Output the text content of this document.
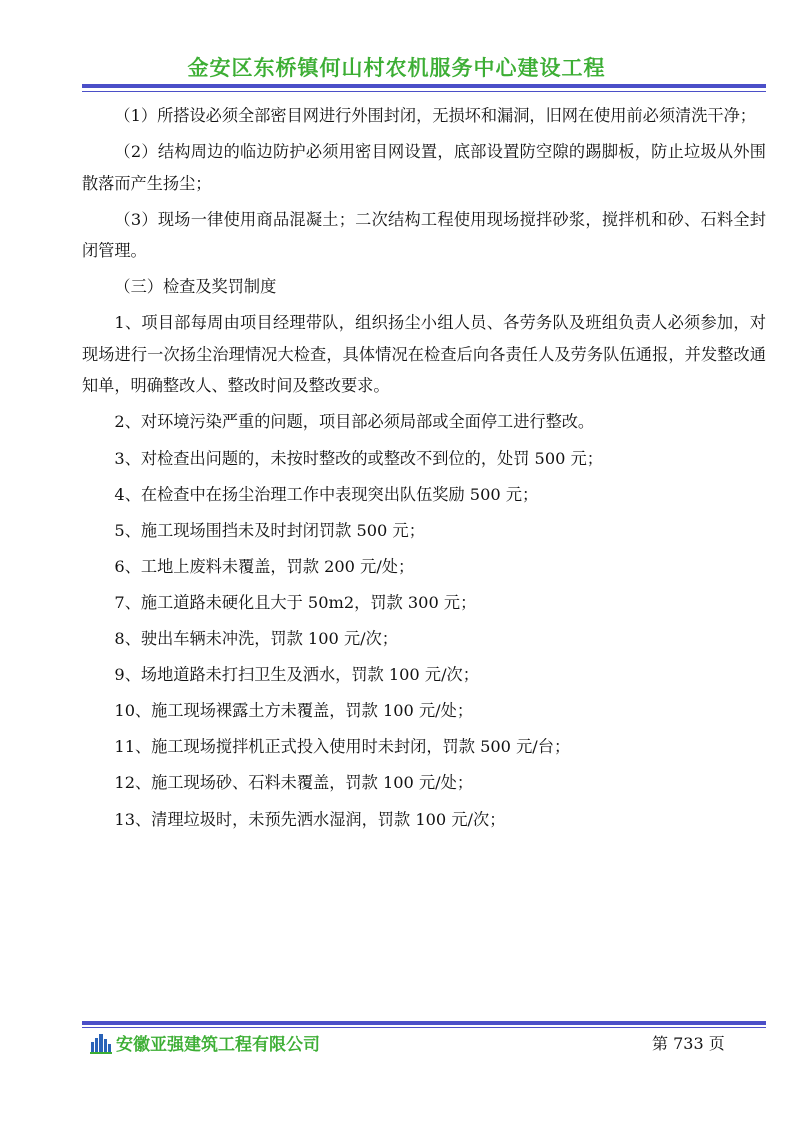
金安区东桥镇何山村农机服务中心建设工程

（1）所搭设必须全部密目网进行外围封闭，无损坏和漏洞，旧网在使用前必须清洗干净；

（2）结构周边的临边防护必须用密目网设置，底部设置防空隙的踢脚板，防止垃圾从外围散落而产生扬尘；

（3）现场一律使用商品混凝土；二次结构工程使用现场搅拌砂浆，搅拌机和砂、石料全封闭管理。

（三）检查及奖罚制度

1、项目部每周由项目经理带队，组织扬尘小组人员、各劳务队及班组负责人必须参加，对现场进行一次扬尘治理情况大检查，具体情况在检查后向各责任人及劳务队伍通报，并发整改通知单，明确整改人、整改时间及整改要求。

2、对环境污染严重的问题，项目部必须局部或全面停工进行整改。

3、对检查出问题的，未按时整改的或整改不到位的，处罚 500 元；

4、在检查中在扬尘治理工作中表现突出队伍奖励 500 元；

5、施工现场围挡未及时封闭罚款 500 元；

6、工地上废料未覆盖，罚款 200 元/处；

7、施工道路未硬化且大于 50m2，罚款 300 元；

8、驶出车辆未冲洗，罚款 100 元/次；

9、场地道路未打扫卫生及洒水，罚款 100 元/次；

10、施工现场裸露土方未覆盖，罚款 100 元/处；

11、施工现场搅拌机正式投入使用时未封闭，罚款 500 元/台；

12、施工现场砂、石料未覆盖，罚款 100 元/处；

13、清理垃圾时，未预先洒水湿润，罚款 100 元/次；

安徽亚强建筑工程有限公司	第 733 页
